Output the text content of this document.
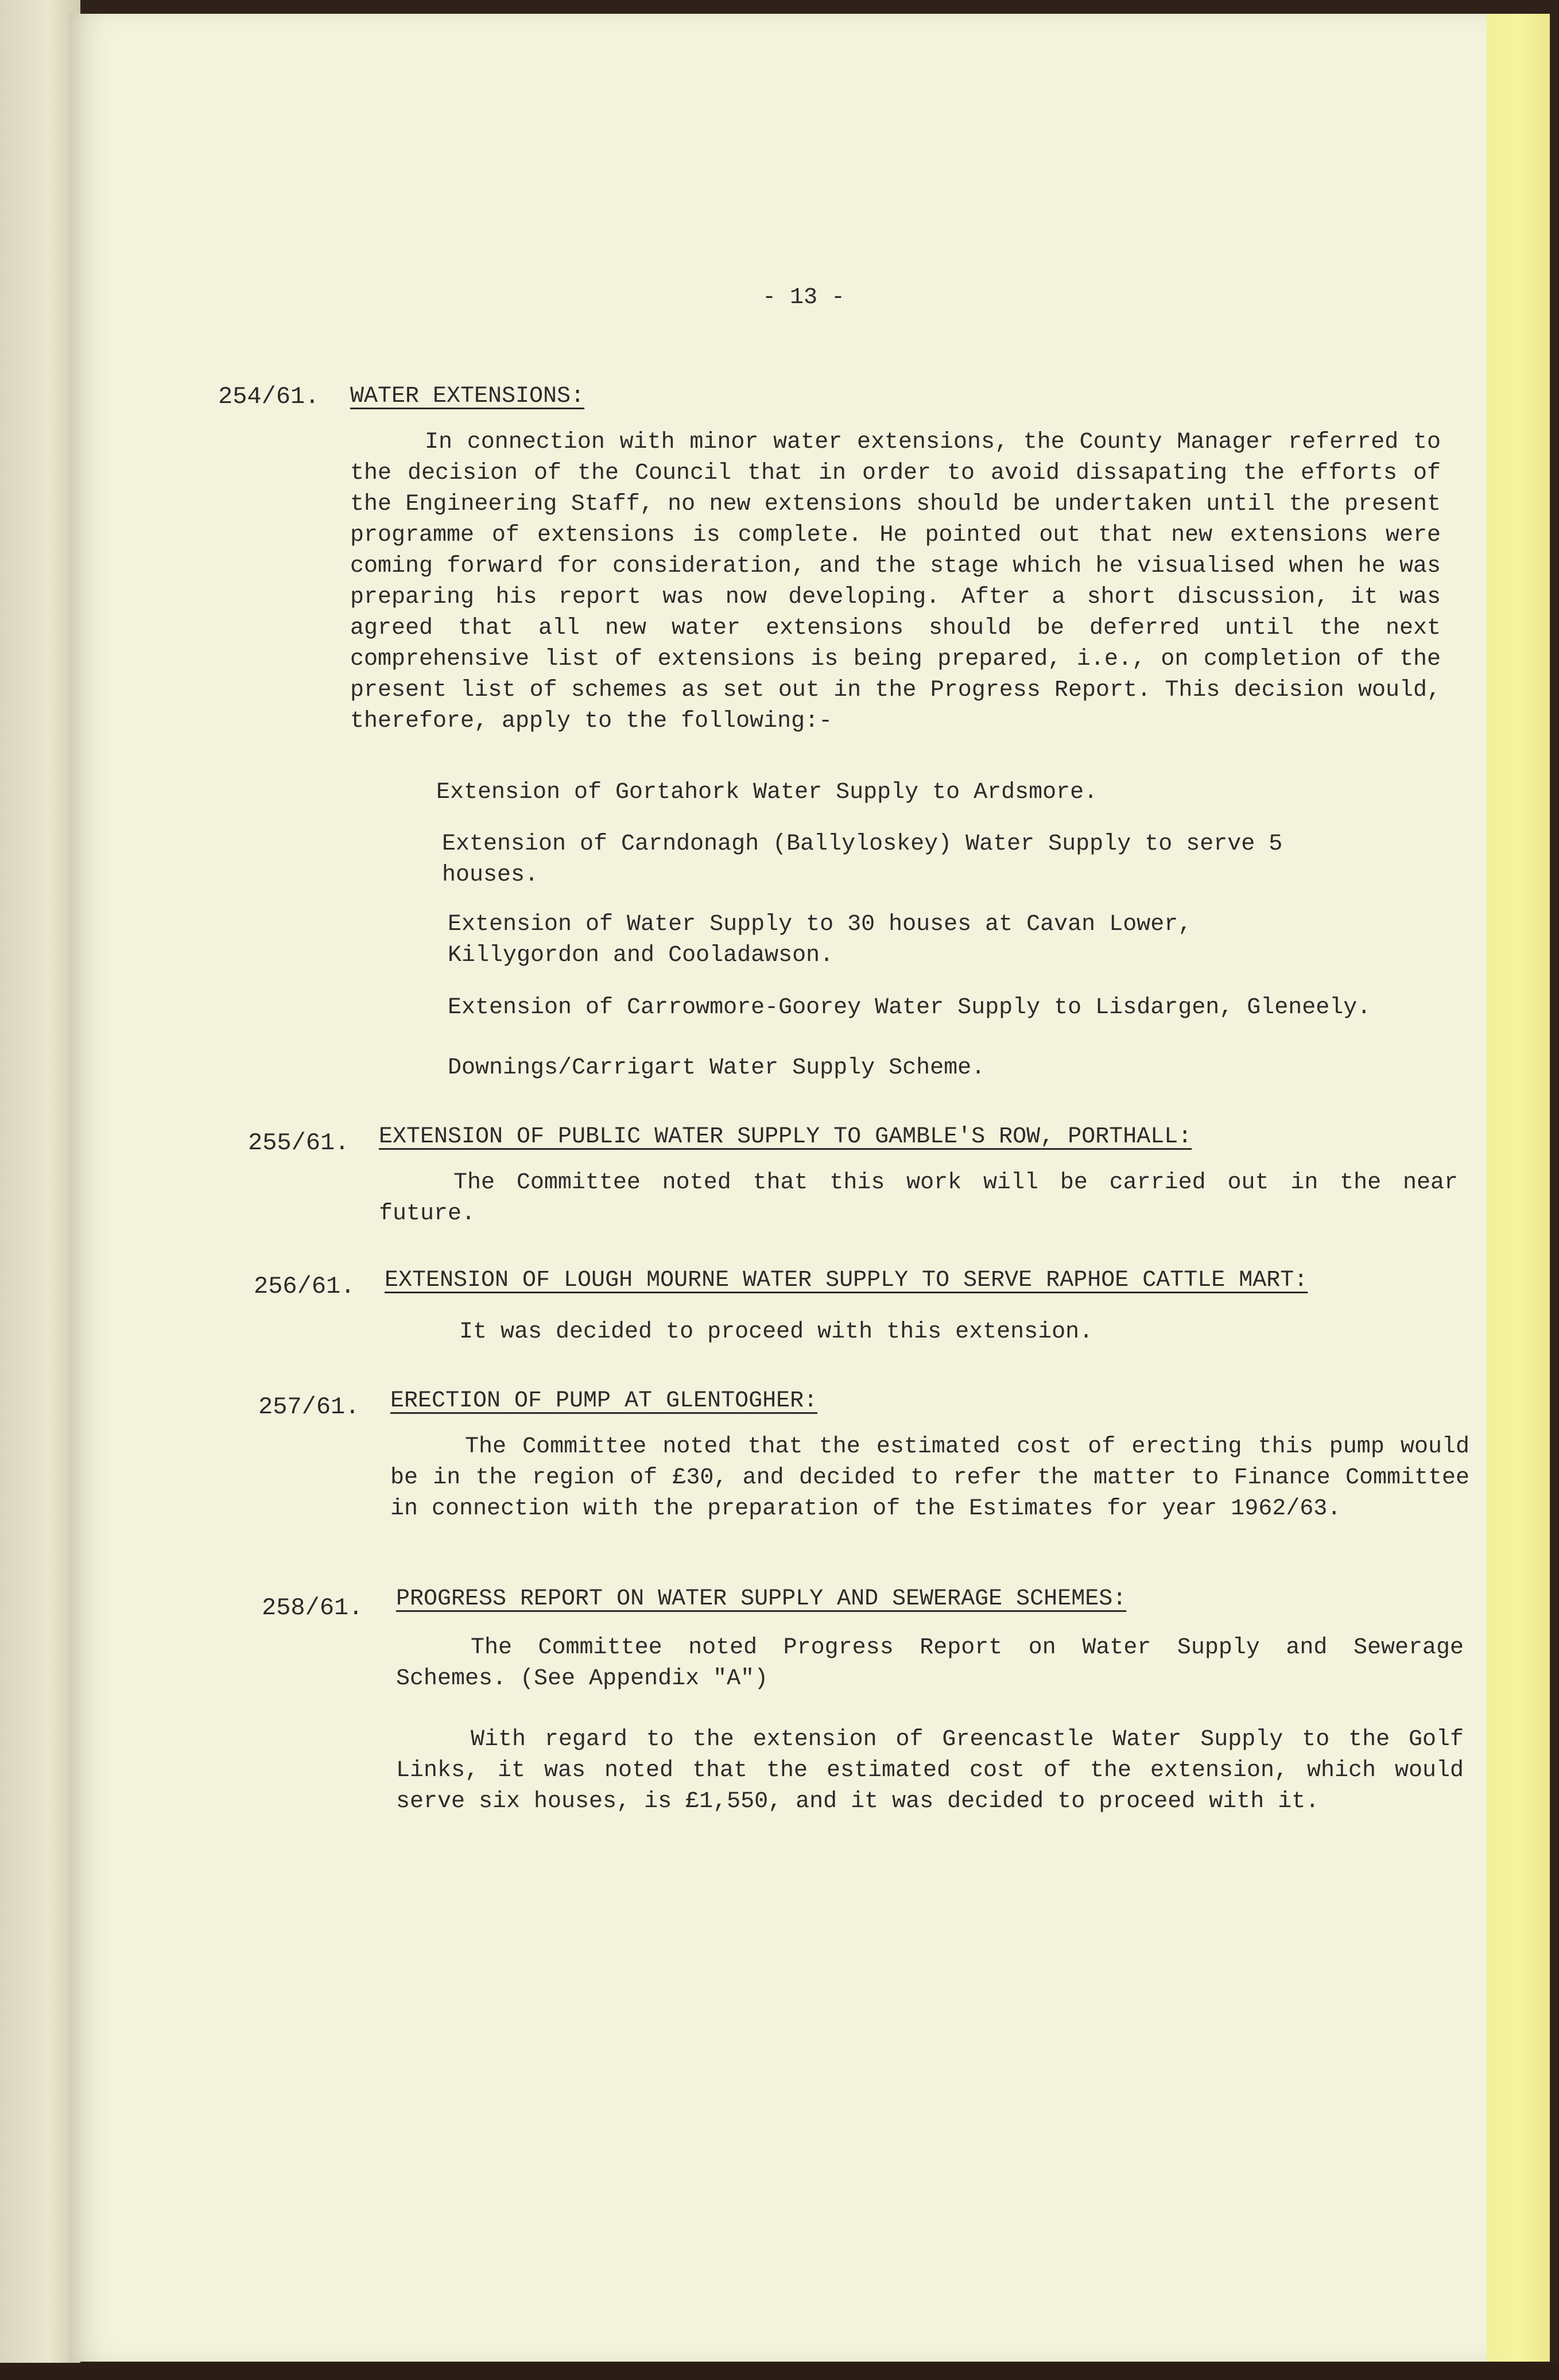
- 13 -
254/61.	WATER EXTENSIONS:
In connection with minor water extensions, the County Manager referred to the decision of the Council that in order to avoid dissapating the efforts of the Engineering Staff, no new extensions should be undertaken until the present programme of extensions is complete. He pointed out that new extensions were coming forward for consideration, and the stage which he visualised when he was preparing his report was now developing. After a short discussion, it was agreed that all new water extensions should be deferred until the next comprehensive list of extensions is being prepared, i.e., on completion of the present list of schemes as set out in the Progress Report. This decision would, therefore, apply to the following:-
Extension of Gortahork Water Supply to Ardsmore.
Extension of Carndonagh (Ballyloskey) Water Supply to serve 5 houses.
Extension of Water Supply to 30 houses at Cavan Lower, Killygordon and Cooladawson.
Extension of Carrowmore-Goorey Water Supply to Lisdargen, Gleneely.
Downings/Carrigart Water Supply Scheme.
255/61.	EXTENSION OF PUBLIC WATER SUPPLY TO GAMBLE'S ROW, PORTHALL:
The Committee noted that this work will be carried out in the near future.
256/61.	EXTENSION OF LOUGH MOURNE WATER SUPPLY TO SERVE RAPHOE CATTLE MART:
It was decided to proceed with this extension.
257/61.	ERECTION OF PUMP AT GLENTOGHER:
The Committee noted that the estimated cost of erecting this pump would be in the region of £30, and decided to refer the matter to Finance Committee in connection with the preparation of the Estimates for year 1962/63.
258/61.	PROGRESS REPORT ON WATER SUPPLY AND SEWERAGE SCHEMES:
The Committee noted Progress Report on Water Supply and Sewerage Schemes. (See Appendix "A")
With regard to the extension of Greencastle Water Supply to the Golf Links, it was noted that the estimated cost of the extension, which would serve six houses, is £1,550, and it was decided to proceed with it.
